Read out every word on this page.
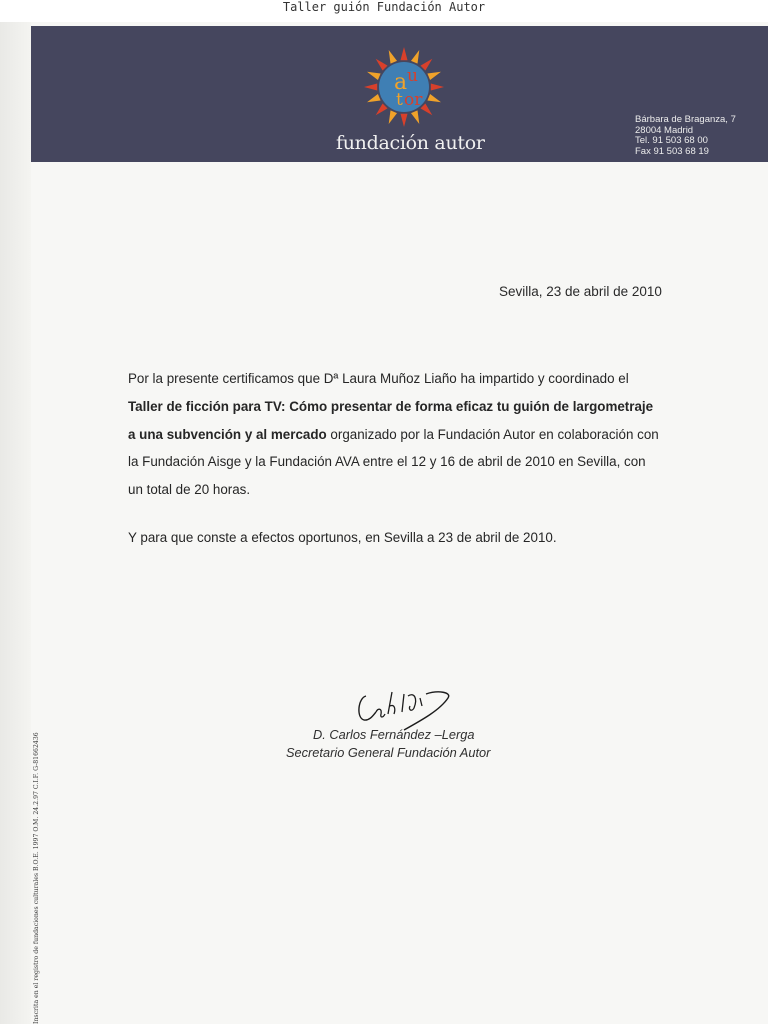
Taller guión Fundación Autor
a u
t or
fundación autor
Bárbara de Braganza, 7
28004 Madrid
Tel. 91 503 68 00
Fax 91 503 68 19
Sevilla, 23 de abril de 2010
Por la presente certificamos que Dª Laura Muñoz Liaño ha impartido y coordinado el Taller de ficción para TV: Cómo presentar de forma eficaz tu guión de largometraje a una subvención y al mercado organizado por la Fundación Autor en colaboración con la Fundación Aisge y la Fundación AVA entre el 12 y 16 de abril de 2010 en Sevilla, con un total de 20 horas.
Y para que conste a efectos oportunos, en Sevilla a 23 de abril de 2010.
D. Carlos Fernández –Lerga
Secretario General Fundación Autor
Inscrita en el registro de fundaciones culturales B.O.E. 1997 O.M. 24.2.97 C.I.F. G-81662436
